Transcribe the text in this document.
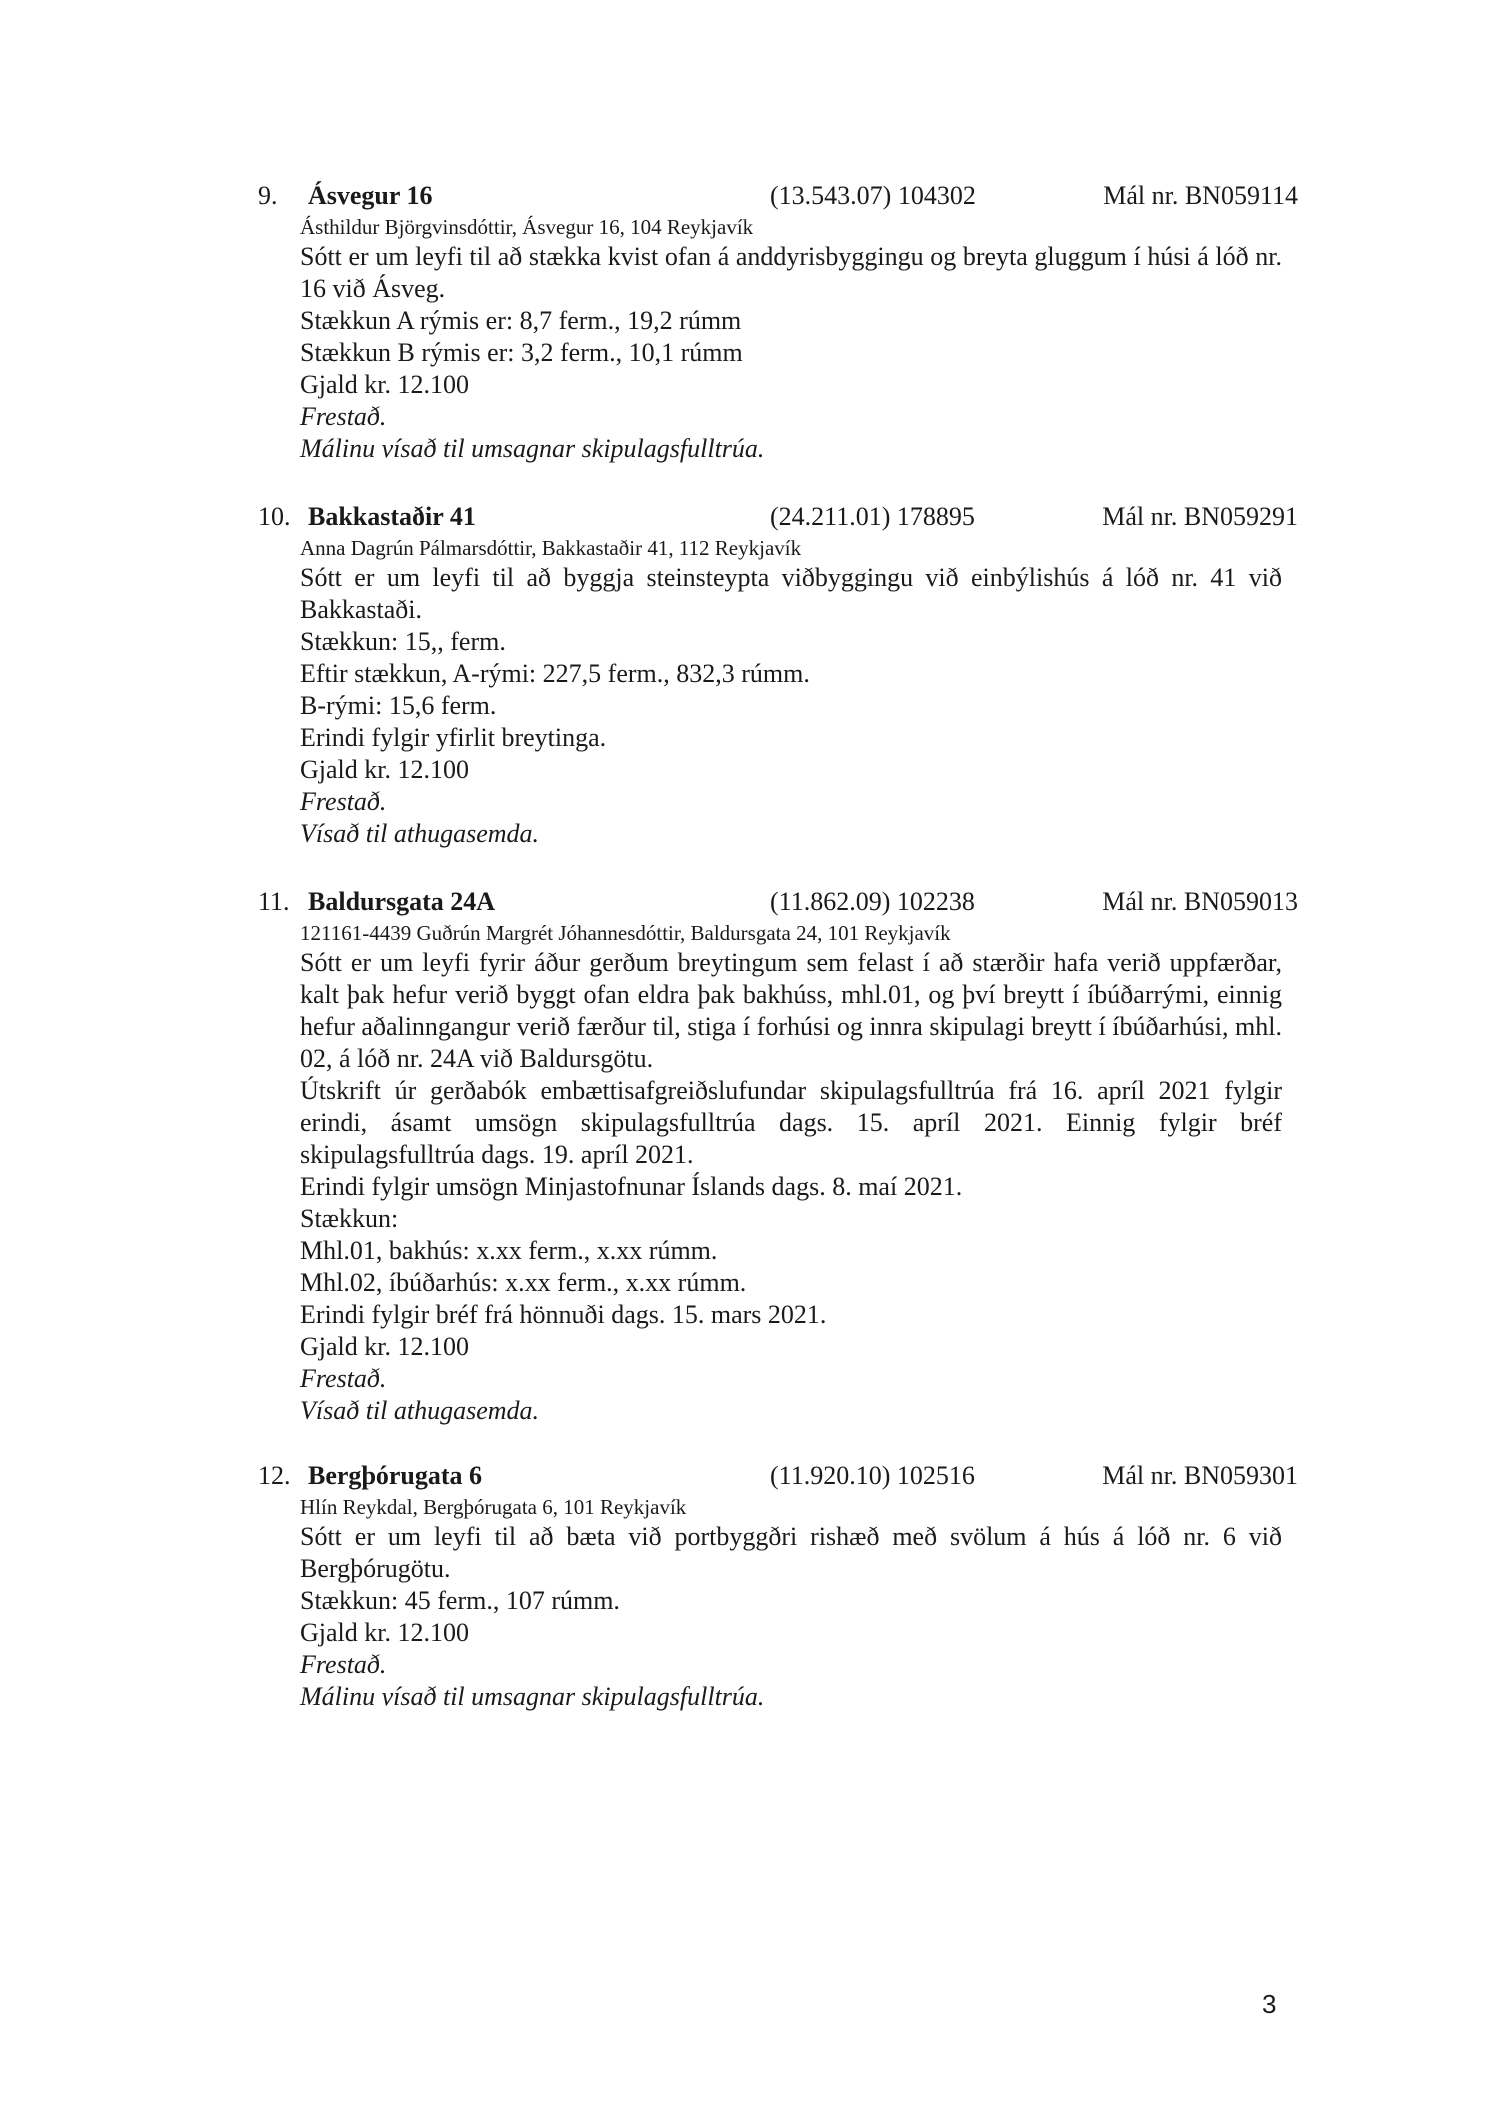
9. Ásvegur 16	(13.543.07) 104302	Mál nr. BN059114
Ásthildur Björgvinsdóttir, Ásvegur 16, 104 Reykjavík
Sótt er um leyfi til að stækka kvist ofan á anddyrisbyggingu og breyta gluggum í húsi á lóð nr. 16 við Ásveg.
Stækkun A rýmis er: 8,7 ferm., 19,2 rúmm
Stækkun B rýmis er: 3,2 ferm., 10,1 rúmm
Gjald kr. 12.100
Frestað.
Málinu vísað til umsagnar skipulagsfulltrúa.
10. Bakkastaðir 41	(24.211.01) 178895	Mál nr. BN059291
Anna Dagrún Pálmarsdóttir, Bakkastaðir 41, 112 Reykjavík
Sótt er um leyfi til að byggja steinsteypta viðbyggingu við einbýlishús á lóð nr. 41 við Bakkastaði.
Stækkun: 15,, ferm.
Eftir stækkun, A-rými: 227,5 ferm., 832,3 rúmm.
B-rými: 15,6 ferm.
Erindi fylgir yfirlit breytinga.
Gjald kr. 12.100
Frestað.
Vísað til athugasemda.
11. Baldursgata 24A	(11.862.09) 102238	Mál nr. BN059013
121161-4439 Guðrún Margrét Jóhannesdóttir, Baldursgata 24, 101 Reykjavík
Sótt er um leyfi fyrir áður gerðum breytingum sem felast í að stærðir hafa verið uppfærðar, kalt þak hefur verið byggt ofan eldra þak bakhúss, mhl.01, og því breytt í íbúðarrými, einnig hefur aðalinngangur verið færður til, stiga í forhúsi og innra skipulagi breytt í íbúðarhúsi, mhl. 02, á lóð nr. 24A við Baldursgötu.
Útskrift úr gerðabók embættisafgreiðslufundar skipulagsfulltrúa frá 16. apríl 2021 fylgir erindi, ásamt umsögn skipulagsfulltrúa dags. 15. apríl 2021. Einnig fylgir bréf skipulagsfulltrúa dags. 19. apríl 2021.
Erindi fylgir umsögn Minjastofnunar Íslands dags. 8. maí 2021.
Stækkun:
Mhl.01, bakhús: x.xx ferm., x.xx rúmm.
Mhl.02, íbúðarhús: x.xx ferm., x.xx rúmm.
Erindi fylgir bréf frá hönnuði dags. 15. mars 2021.
Gjald kr. 12.100
Frestað.
Vísað til athugasemda.
12. Bergþórugata 6	(11.920.10) 102516	Mál nr. BN059301
Hlín Reykdal, Bergþórugata 6, 101 Reykjavík
Sótt er um leyfi til að bæta við portbyggðri rishæð með svölum á hús á lóð nr. 6 við Bergþórugötu.
Stækkun: 45 ferm., 107 rúmm.
Gjald kr. 12.100
Frestað.
Málinu vísað til umsagnar skipulagsfulltrúa.
3
